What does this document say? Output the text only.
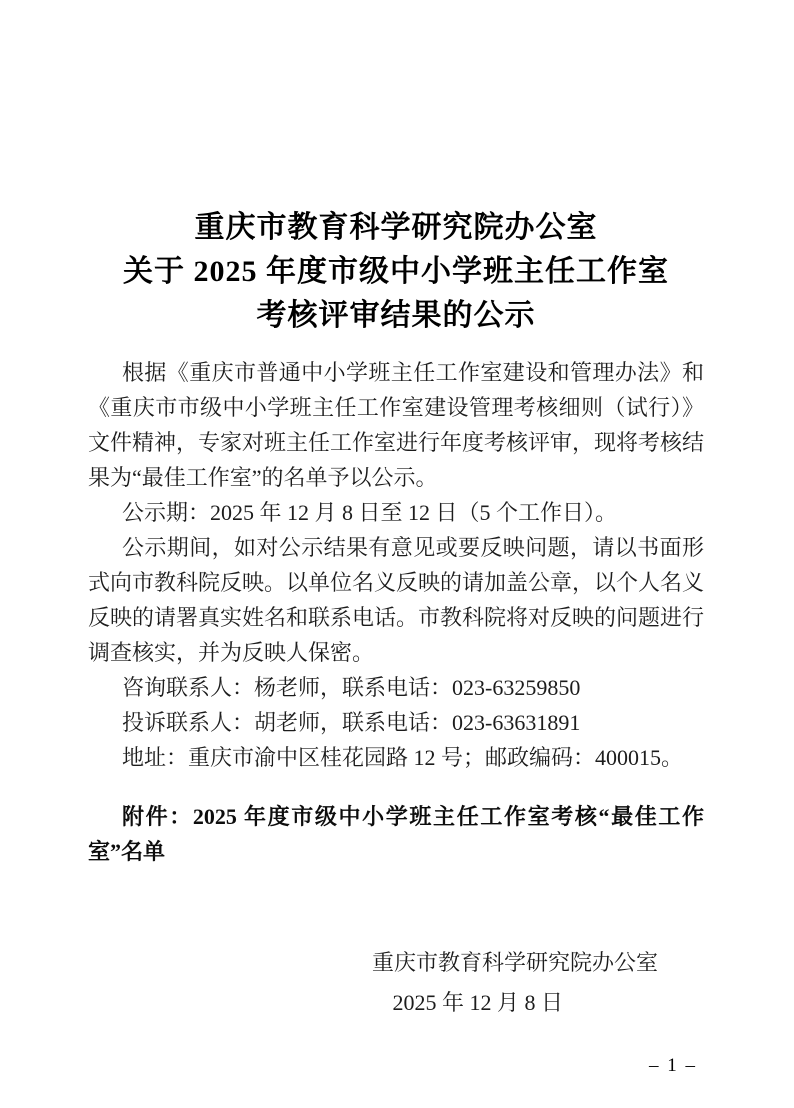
重庆市教育科学研究院办公室
关于 2025 年度市级中小学班主任工作室
考核评审结果的公示

根据《重庆市普通中小学班主任工作室建设和管理办法》和《重庆市市级中小学班主任工作室建设管理考核细则（试行）》文件精神，专家对班主任工作室进行年度考核评审，现将考核结果为“最佳工作室”的名单予以公示。

公示期：2025 年 12 月 8 日至 12 日（5 个工作日）。

公示期间，如对公示结果有意见或要反映问题，请以书面形式向市教科院反映。以单位名义反映的请加盖公章，以个人名义反映的请署真实姓名和联系电话。市教科院将对反映的问题进行调查核实，并为反映人保密。

咨询联系人：杨老师，联系电话：023-63259850

投诉联系人：胡老师，联系电话：023-63631891

地址：重庆市渝中区桂花园路 12 号；邮政编码：400015。

附件：2025 年度市级中小学班主任工作室考核“最佳工作室”名单

重庆市教育科学研究院办公室
2025 年 12 月 8 日
– 1 –
